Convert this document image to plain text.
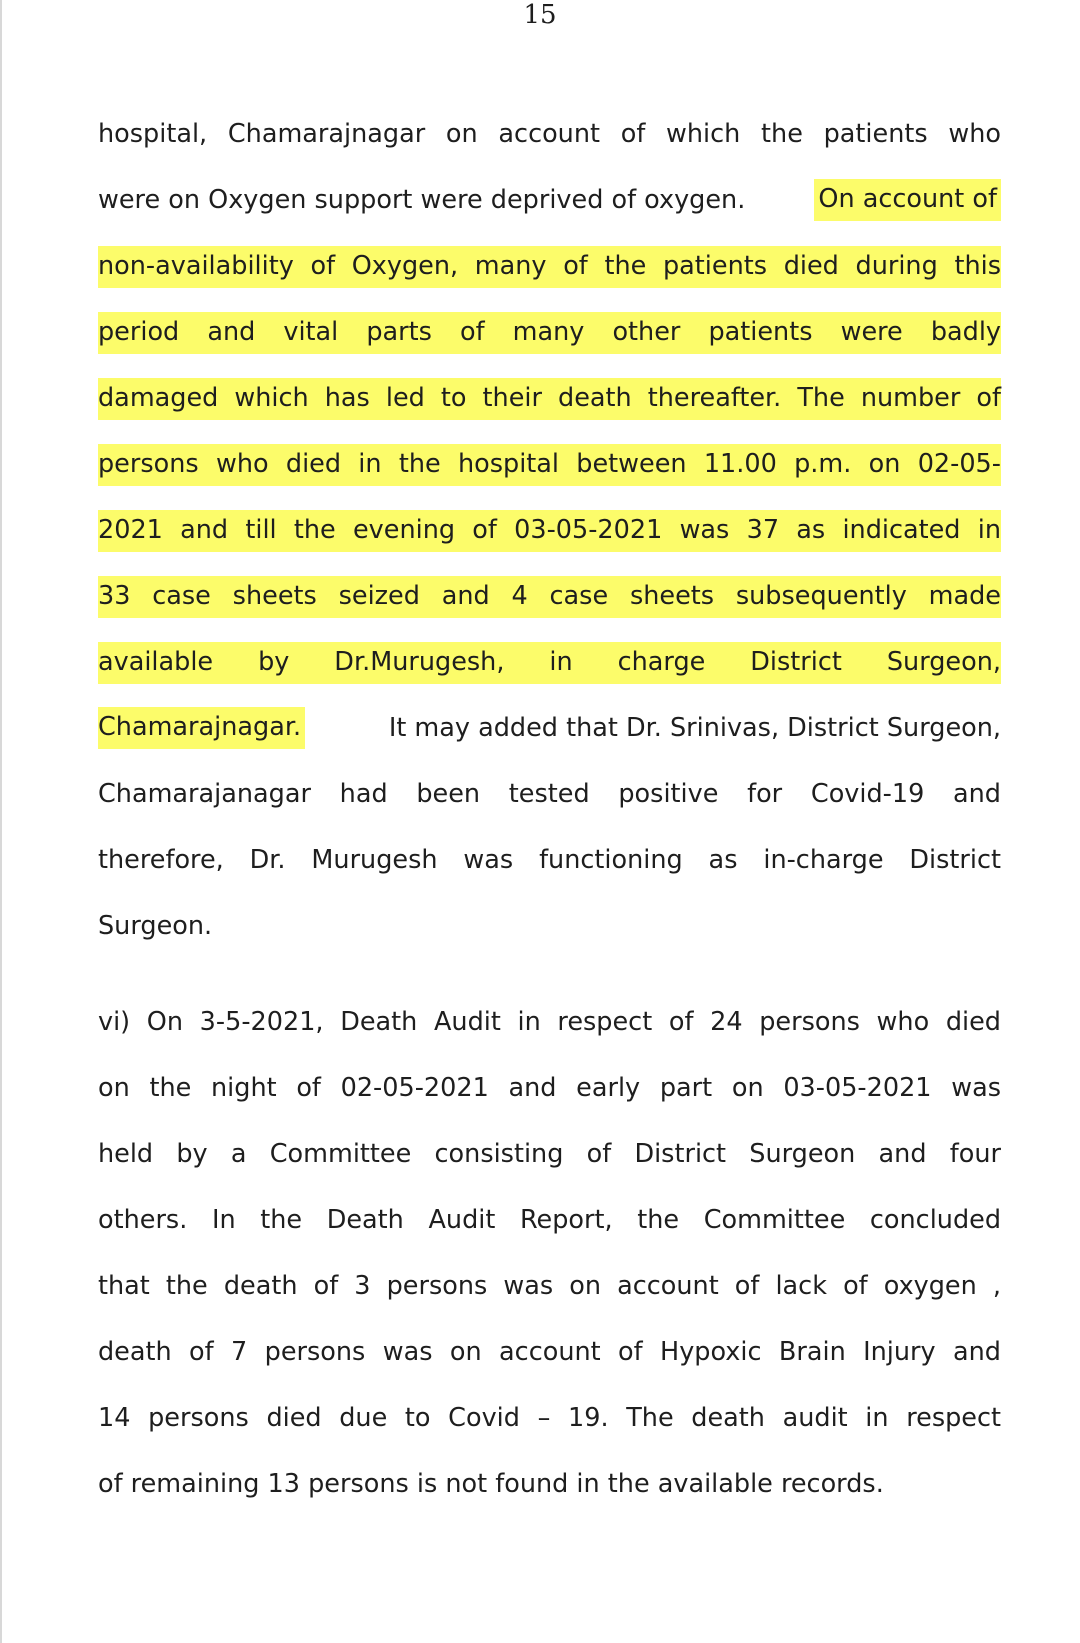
15
hospital, Chamarajnagar on account of which the patients who
were on Oxygen support were deprived of oxygen.	On account of
non-availability of Oxygen, many of the patients died during this
period and vital parts of many other patients were badly
damaged which has led to their death thereafter. The number of
persons who died in the hospital between 11.00 p.m. on 02-05-
2021 and till the evening of 03-05-2021 was 37 as indicated in
33 case sheets seized and 4 case sheets subsequently made
available by Dr.Murugesh, in charge District Surgeon,
Chamarajnagar.	It may added that Dr. Srinivas, District Surgeon,
Chamarajanagar had been tested positive for Covid-19 and
therefore, Dr. Murugesh was functioning as in-charge District
Surgeon.
vi) On 3-5-2021, Death Audit in respect of 24 persons who died
on the night of 02-05-2021 and early part on 03-05-2021 was
held by a Committee consisting of District Surgeon and four
others. In the Death Audit Report, the Committee concluded
that the death of 3 persons was on account of lack of oxygen ,
death of 7 persons was on account of Hypoxic Brain Injury and
14 persons died due to Covid – 19. The death audit in respect
of remaining 13 persons is not found in the available records.
